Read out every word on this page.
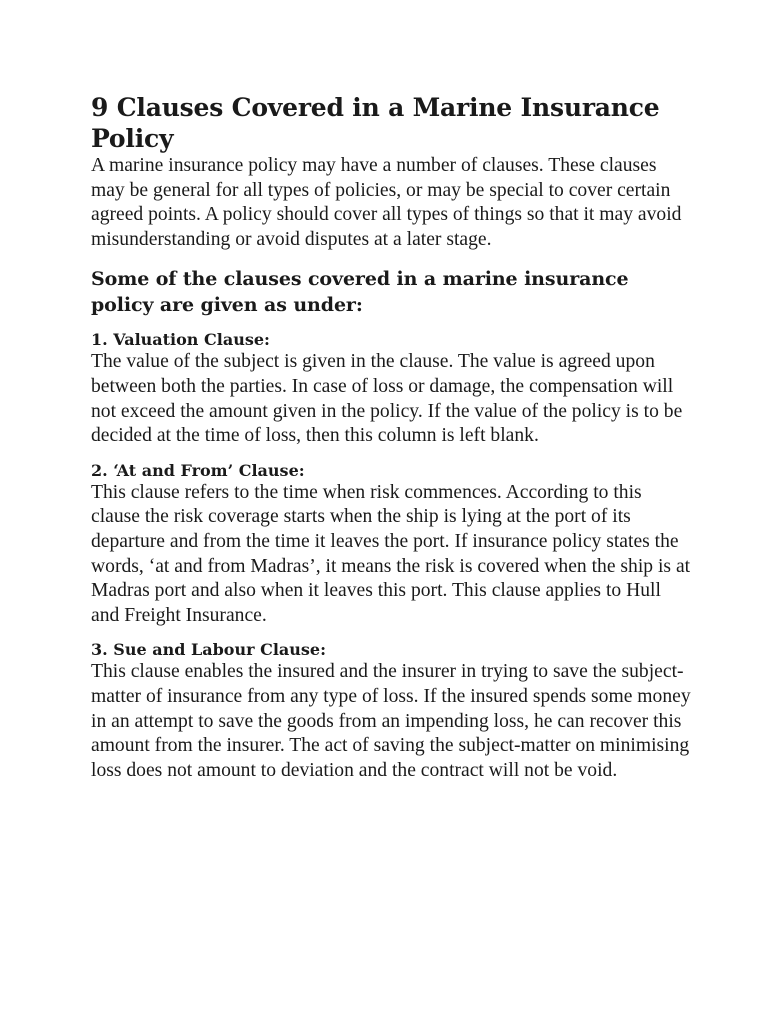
9 Clauses Covered in a Marine Insurance Policy

A marine insurance policy may have a number of clauses. These clauses may be general for all types of policies, or may be special to cover certain agreed points. A policy should cover all types of things so that it may avoid misunderstanding or avoid disputes at a later stage.

Some of the clauses covered in a marine insurance policy are given as under:
1. Valuation Clause:

The value of the subject is given in the clause. The value is agreed upon between both the parties. In case of loss or damage, the compensation will not exceed the amount given in the policy. If the value of the policy is to be decided at the time of loss, then this column is left blank.

2. ‘At and From’ Clause:

This clause refers to the time when risk commences. According to this clause the risk coverage starts when the ship is lying at the port of its departure and from the time it leaves the port. If insurance policy states the words, ‘at and from Madras’, it means the risk is covered when the ship is at Madras port and also when it leaves this port. This clause applies to Hull and Freight Insurance.

3. Sue and Labour Clause:

This clause enables the insured and the insurer in trying to save the subject- matter of insurance from any type of loss. If the insured spends some money in an attempt to save the goods from an impending loss, he can recover this amount from the insurer. The act of saving the subject-matter on minimising loss does not amount to deviation and the contract will not be void.
